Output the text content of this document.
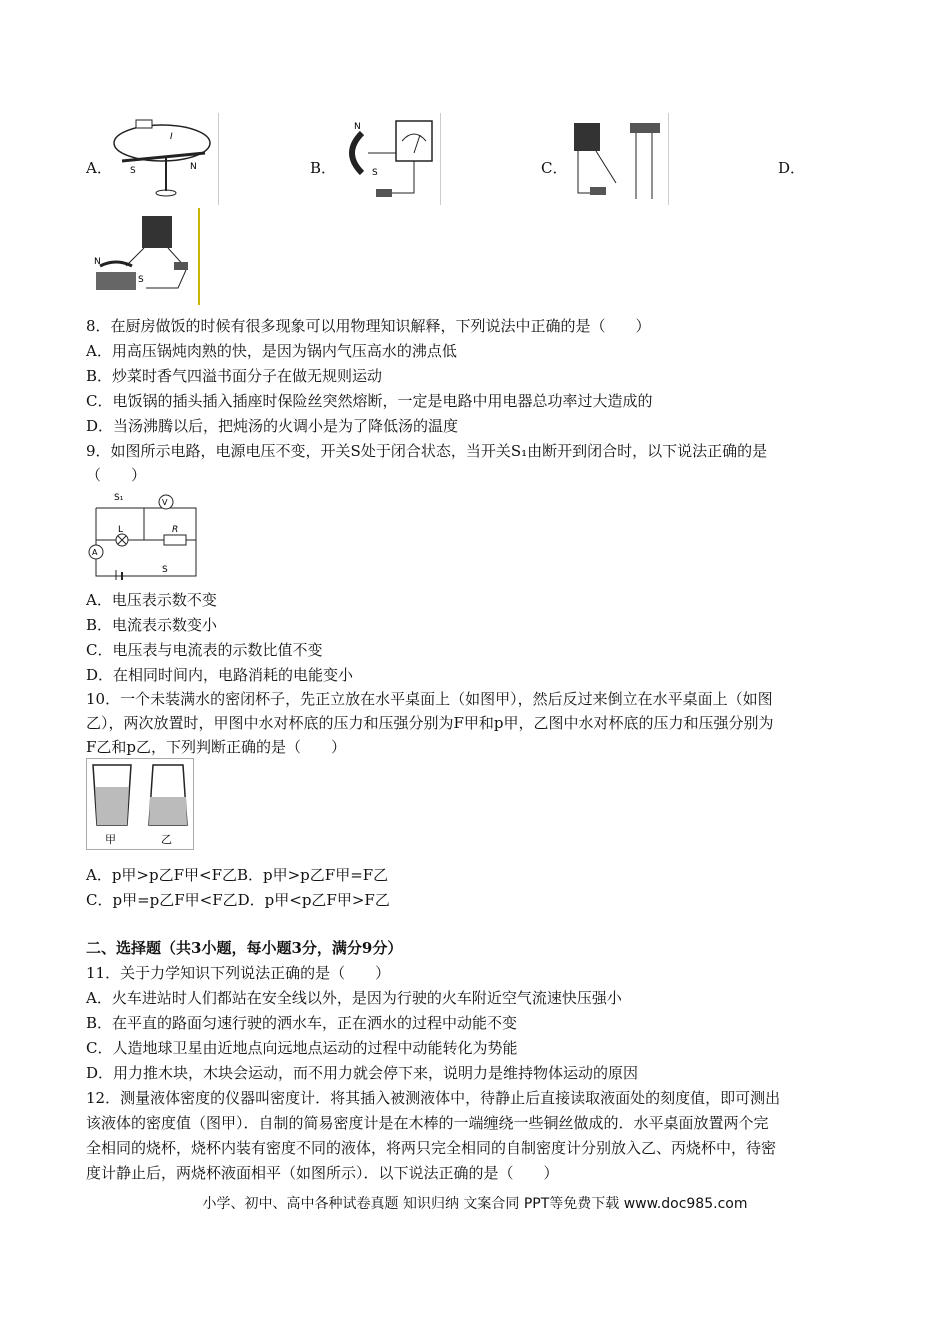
A． S	N
I
B．
N
S	C．	D．
N
S
8．在厨房做饭的时候有很多现象可以用物理知识解释，下列说法中正确的是（　　）
A．用高压锅炖肉熟的快，是因为锅内气压高水的沸点低
B．炒菜时香气四溢书面分子在做无规则运动
C．电饭锅的插头插入插座时保险丝突然熔断，一定是电路中用电器总功率过大造成的
D．当汤沸腾以后，把炖汤的火调小是为了降低汤的温度
9．如图所示电路，电源电压不变，开关S处于闭合状态，当开关S₁由断开到闭合时，以下说法正确的是
（　　）
S₁	V
L	R
A
S
A．电压表示数不变
B．电流表示数变小
C．电压表与电流表的示数比值不变
D．在相同时间内，电路消耗的电能变小
10．一个未装满水的密闭杯子，先正立放在水平桌面上（如图甲），然后反过来倒立在水平桌面上（如图
乙），两次放置时，甲图中水对杯底的压力和压强分别为F甲和p甲，乙图中水对杯底的压力和压强分别为
F乙和p乙，下列判断正确的是（　　）
甲	乙
A．p甲>p乙F甲<F乙B．p甲>p乙F甲=F乙
C．p甲=p乙F甲<F乙D．p甲<p乙F甲>F乙
二、选择题（共3小题，每小题3分，满分9分）
11．关于力学知识下列说法正确的是（　　）
A．火车进站时人们都站在安全线以外，是因为行驶的火车附近空气流速快压强小
B．在平直的路面匀速行驶的洒水车，正在洒水的过程中动能不变
C．人造地球卫星由近地点向远地点运动的过程中动能转化为势能
D．用力推木块，木块会运动，而不用力就会停下来，说明力是维持物体运动的原因
12．测量液体密度的仪器叫密度计．将其插入被测液体中，待静止后直接读取液面处的刻度值，即可测出
该液体的密度值（图甲）．自制的简易密度计是在木棒的一端缠绕一些铜丝做成的．水平桌面放置两个完
全相同的烧杯，烧杯内装有密度不同的液体，将两只完全相同的自制密度计分别放入乙、丙烧杯中，待密
度计静止后，两烧杯液面相平（如图所示）．以下说法正确的是（　　）
小学、初中、高中各种试卷真题 知识归纳 文案合同 PPT等免费下载 www.doc985.com
